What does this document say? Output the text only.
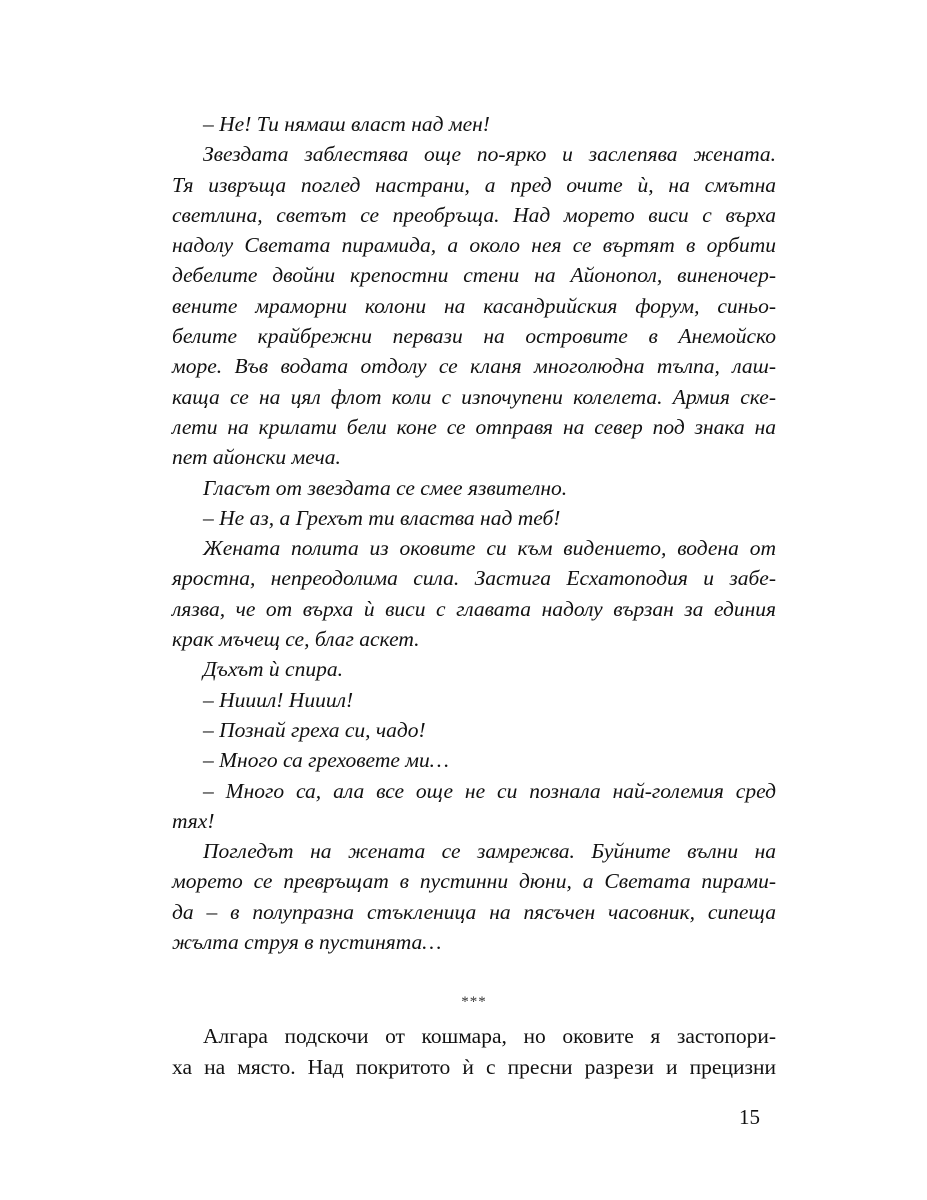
– Не! Ти нямаш власт над мен!
Звездата заблестява още по-ярко и заслепява жената.
Тя извръща поглед настрани, а пред очите ѝ, на смътна
светлина, светът се преобръща. Над морето виси с върха
надолу Светата пирамида, а около нея се въртят в орбити
дебелите двойни крепостни стени на Айонопол, виненочер-
вените мраморни колони на касандрийския форум, синьо-
белите крайбрежни первази на островите в Анемойско
море. Във водата отдолу се кланя многолюдна тълпа, лаш-
каща се на цял флот коли с изпочупени колелета. Армия ске-
лети на крилати бели коне се отправя на север под знака на
пет айонски меча.
Гласът от звездата се смее язвително.
– Не аз, а Грехът ти властва над теб!
Жената полита из оковите си към видението, водена от
яростна, непреодолима сила. Застига Есхатоподия и забе-
лязва, че от върха ѝ виси с главата надолу вързан за единия
крак мъчещ се, благ аскет.
Дъхът ѝ спира.
– Нииил! Нииил!
– Познай греха си, чадо!
– Много са греховете ми…
– Много са, ала все още не си познала най-големия сред
тях!
Погледът на жената се замрежва. Буйните вълни на
морето се превръщат в пустинни дюни, а Светата пирами-
да – в полупразна стъкленица на пясъчен часовник, сипеща
жълта струя в пустинята…
***
Алгара подскочи от кошмара, но оковите я застопори-
ха на място. Над покритото ѝ с пресни разрези и прецизни
15
